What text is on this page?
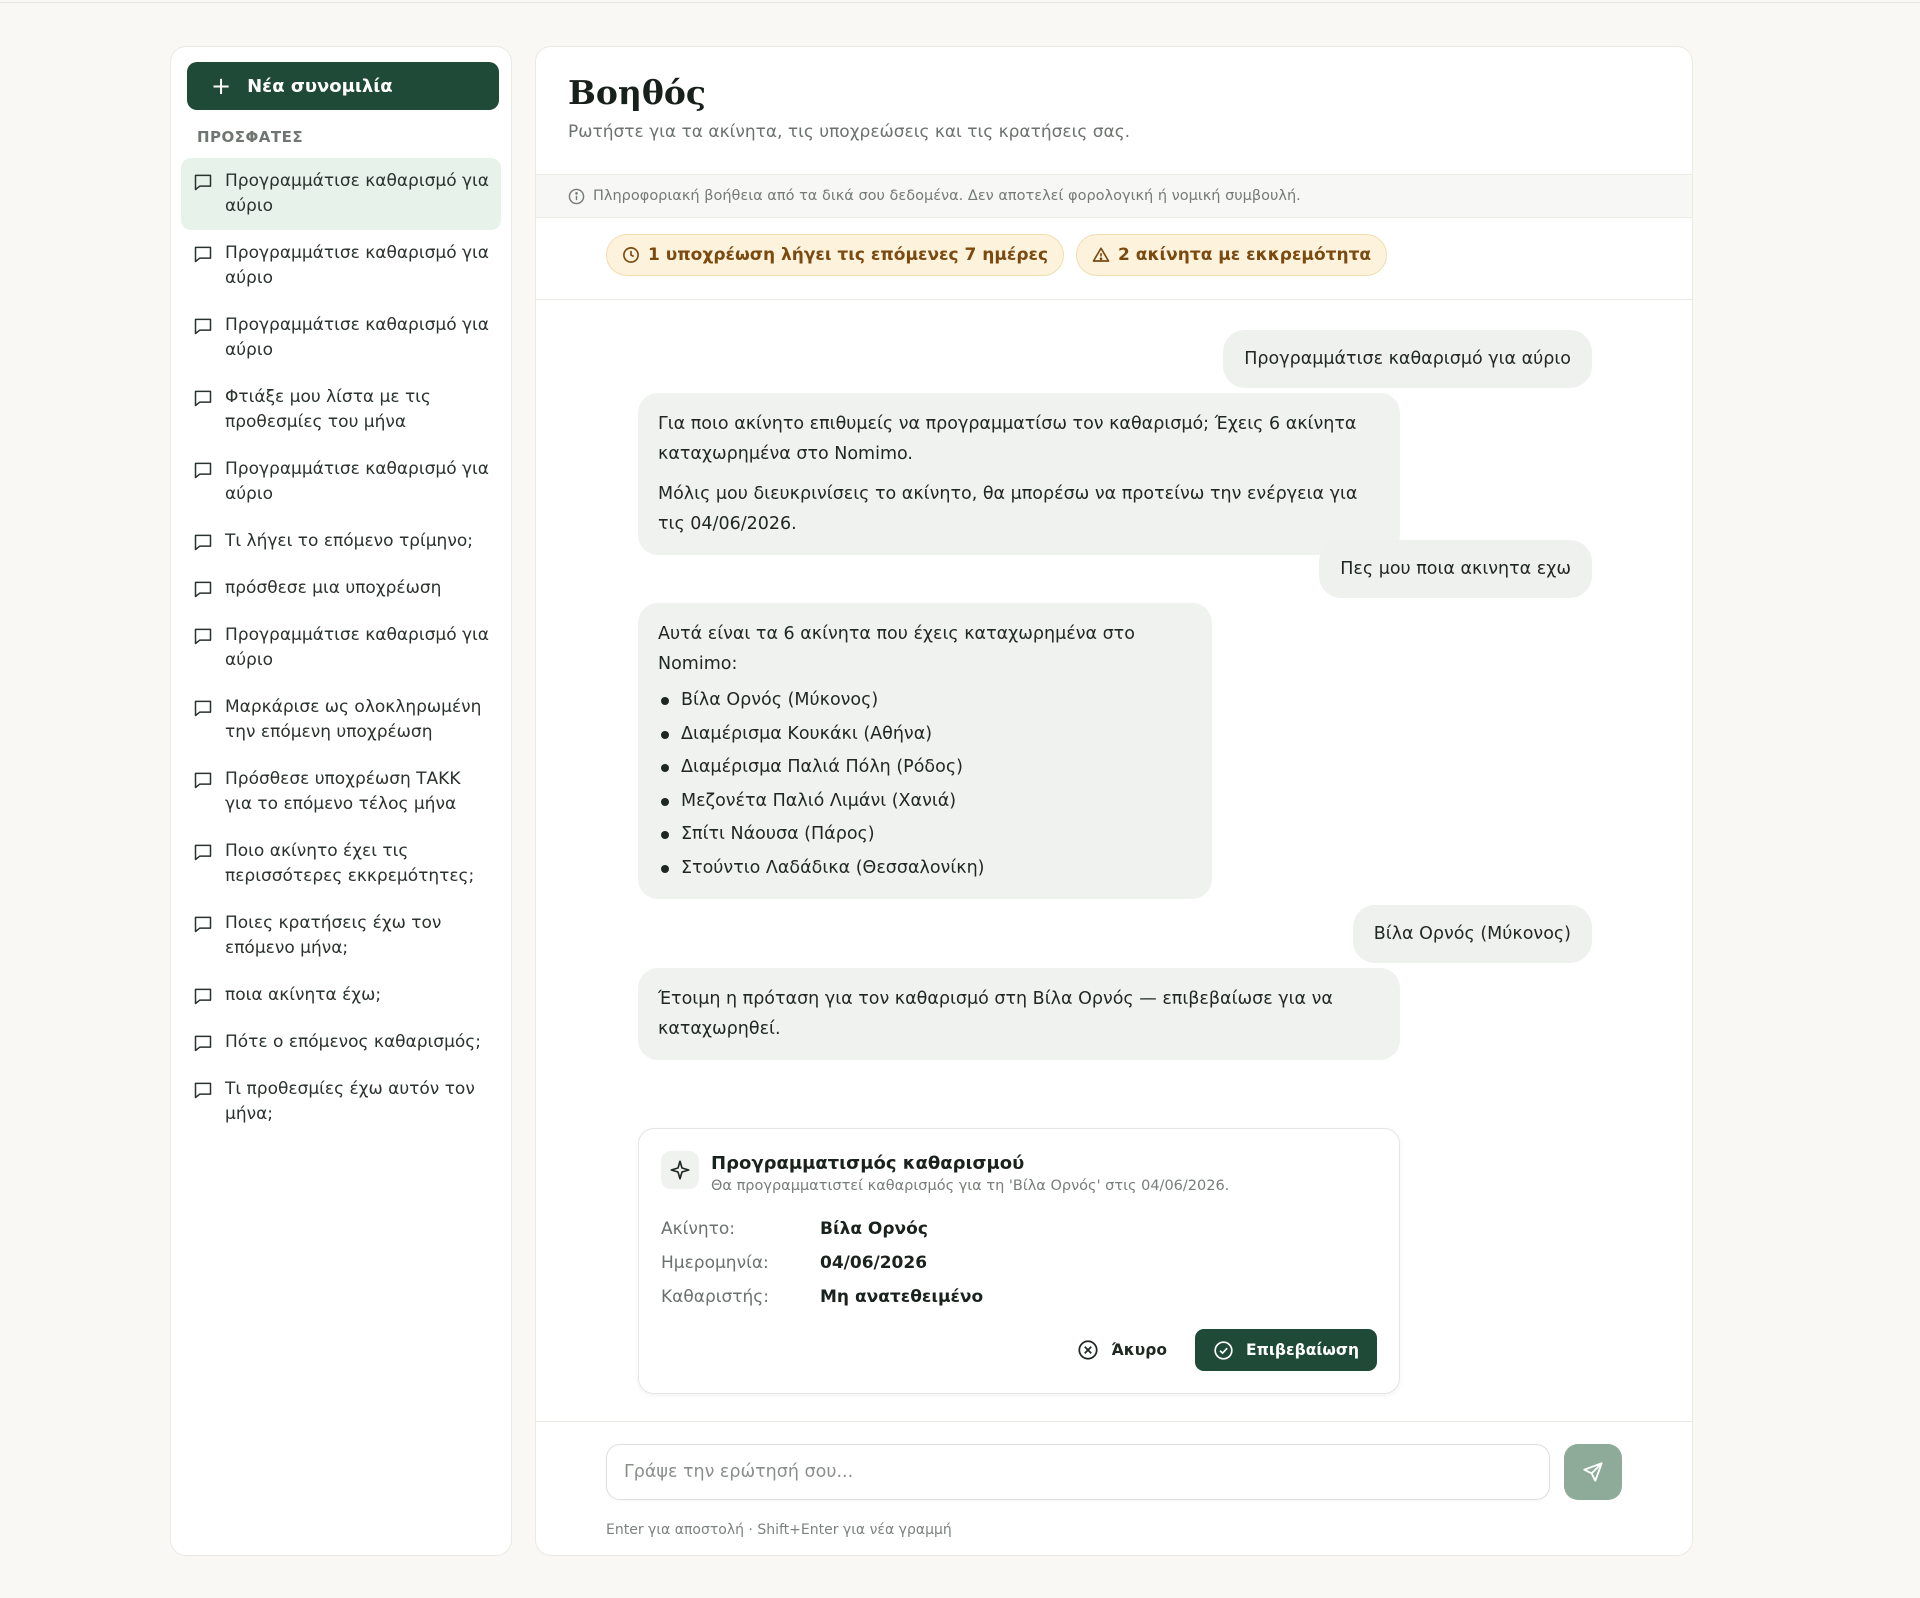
+ Νέα συνομιλία
ΠΡΟΣΦΑΤΕΣ
Προγραμμάτισε καθαρισμό για αύριο
Προγραμμάτισε καθαρισμό για αύριο
Προγραμμάτισε καθαρισμό για αύριο
Φτιάξε μου λίστα με τις προθεσμίες του μήνα
Προγραμμάτισε καθαρισμό για αύριο
Τι λήγει το επόμενο τρίμηνο;
πρόσθεσε μια υποχρέωση
Προγραμμάτισε καθαρισμό για αύριο
Μαρκάρισε ως ολοκληρωμένη την επόμενη υποχρέωση
Πρόσθεσε υποχρέωση ΤΑΚΚ για το επόμενο τέλος μήνα
Ποιο ακίνητο έχει τις περισσότερες εκκρεμότητες;
Ποιες κρατήσεις έχω τον επόμενο μήνα;
ποια ακίνητα έχω;
Πότε ο επόμενος καθαρισμός;
Τι προθεσμίες έχω αυτόν τον μήνα;
Βοηθός
Ρωτήστε για τα ακίνητα, τις υποχρεώσεις και τις κρατήσεις σας.
Πληροφοριακή βοήθεια από τα δικά σου δεδομένα. Δεν αποτελεί φορολογική ή νομική συμβουλή.
1 υποχρέωση λήγει τις επόμενες 7 ημέρες	2 ακίνητα με εκκρεμότητα
Προγραμμάτισε καθαρισμό για αύριο

Για ποιο ακίνητο επιθυμείς να προγραμματίσω τον καθαρισμό; Έχεις 6 ακίνητα καταχωρημένα στο Nomimo.

Μόλις μου διευκρινίσεις το ακίνητο, θα μπορέσω να προτείνω την ενέργεια για τις 04/06/2026.

Πες μου ποια ακινητα εχω

Αυτά είναι τα 6 ακίνητα που έχεις καταχωρημένα στο Nomimo:

Βίλα Ορνός (Μύκονος)
Διαμέρισμα Κουκάκι (Αθήνα)
Διαμέρισμα Παλιά Πόλη (Ρόδος)
Μεζονέτα Παλιό Λιμάνι (Χανιά)
Σπίτι Νάουσα (Πάρος)
Στούντιο Λαδάδικα (Θεσσαλονίκη)
Βίλα Ορνός (Μύκονος)

Έτοιμη η πρόταση για τον καθαρισμό στη Βίλα Ορνός — επιβεβαίωσε για να καταχωρηθεί.

Προγραμματισμός καθαρισμού
Θα προγραμματιστεί καθαρισμός για τη 'Βίλα Ορνός' στις 04/06/2026.
Ακίνητο:	Βίλα Ορνός
Ημερομηνία:	04/06/2026
Καθαριστής:	Μη ανατεθειμένο
Άκυρο	Επιβεβαίωση
Γράψε την ερώτησή σου...
Enter για αποστολή · Shift+Enter για νέα γραμμή
